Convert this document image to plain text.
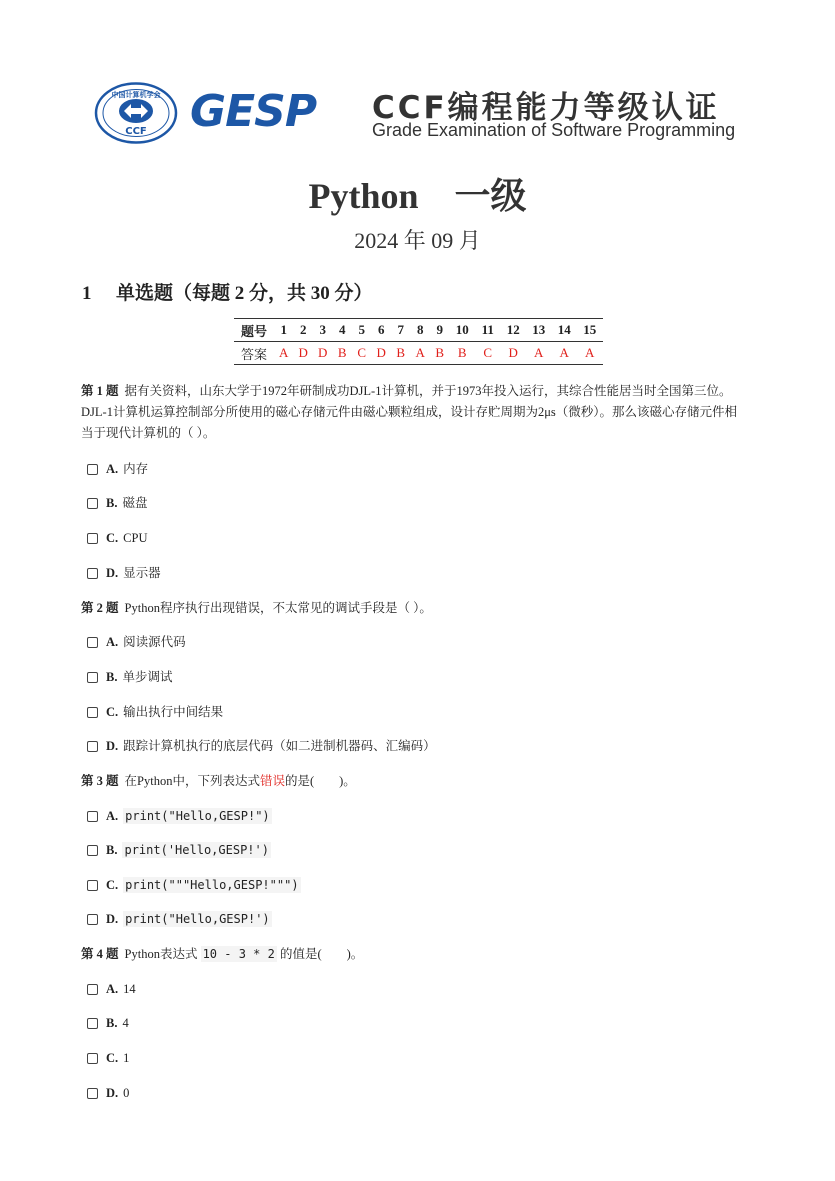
中国计算机学会
CCF GESP CCF编程能力等级认证
Grade Examination of Software Programming
Python　一级
2024 年 09 月
1 单选题（每题 2 分，共 30 分）
题号	1	2	3	4	5	6	7	8	9	10	11	12	13	14	15
答案	A	D	D	B	C	D	B	A	B	B	C	D	A	A	A
第 1 题 据有关资料，山东大学于1972年研制成功DJL-1计算机，并于1973年投入运行，其综合性能居当时全国第三位。DJL-1计算机运算控制部分所使用的磁心存储元件由磁心颗粒组成，设计存贮周期为2μs（微秒）。那么该磁心存储元件相当于现代计算机的（ ）。
A. 内存
B. 磁盘
C. CPU
D. 显示器
第 2 题 Python程序执行出现错误，不太常见的调试手段是（ ）。
A. 阅读源代码
B. 单步调试
C. 输出执行中间结果
D. 跟踪计算机执行的底层代码（如二进制机器码、汇编码）
第 3 题 在Python中，下列表达式错误的是(　　)。
A. print("Hello,GESP!")
B. print('Hello,GESP!')
C. print("""Hello,GESP!""")
D. print("Hello,GESP!')
第 4 题 Python表达式 10 - 3 * 2 的值是(　　)。
A. 14
B. 4
C. 1
D. 0
